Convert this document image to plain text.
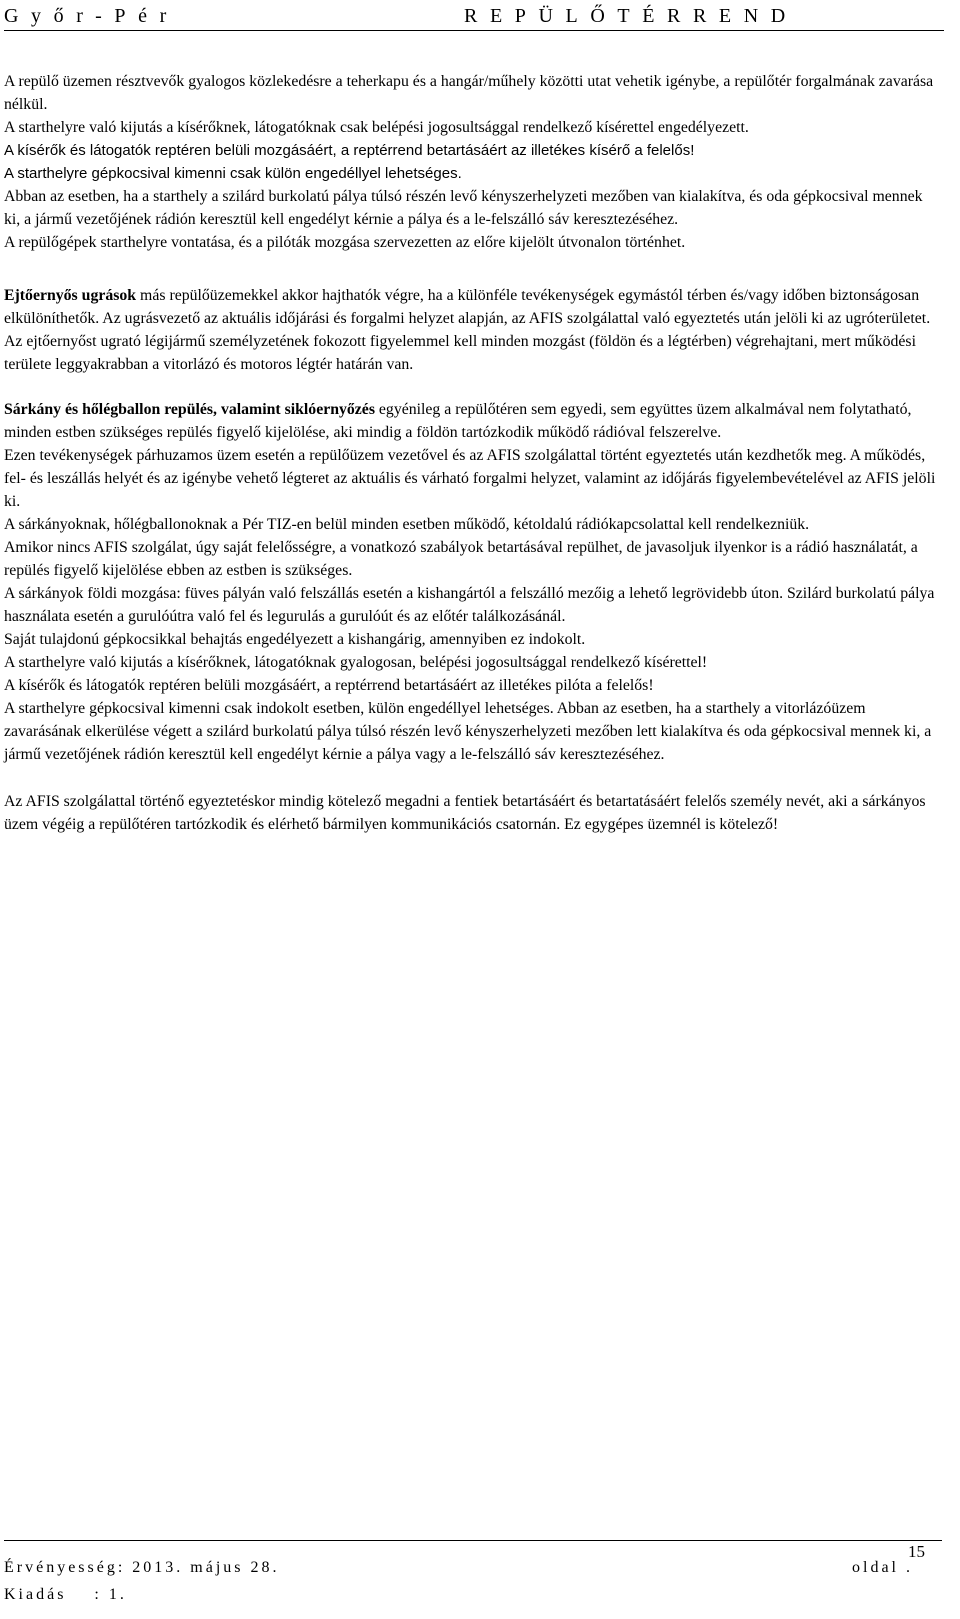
Győr-Pér	REPÜLŐTÉRREND

A repülő üzemen résztvevők gyalogos közlekedésre a teherkapu és a hangár/műhely közötti utat vehetik igénybe, a repülőtér forgalmának zavarása nélkül.

A starthelyre való kijutás a kísérőknek, látogatóknak csak belépési jogosultsággal rendelkező kísérettel engedélyezett.

A kísérők és látogatók reptéren belüli mozgásáért, a reptérrend betartásáért az illetékes kísérő a felelős!

A starthelyre gépkocsival kimenni csak külön engedéllyel lehetséges.

Abban az esetben, ha a starthely a szilárd burkolatú pálya túlsó részén levő kényszerhelyzeti mezőben van kialakítva, és oda gépkocsival mennek ki, a jármű vezetőjének rádión keresztül kell engedélyt kérnie a pálya és a le-felszálló sáv keresztezéséhez.

A repülőgépek starthelyre vontatása, és a pilóták mozgása szervezetten az előre kijelölt útvonalon történhet.

Ejtőernyős ugrások más repülőüzemekkel akkor hajthatók végre, ha a különféle tevékenységek egymástól térben és/vagy időben biztonságosan elkülöníthetők. Az ugrásvezető az aktuális időjárási és forgalmi helyzet alapján, az AFIS szolgálattal való egyeztetés után jelöli ki az ugróterületet. Az ejtőernyőst ugrató légijármű személyzetének fokozott figyelemmel kell minden mozgást (földön és a légtérben) végrehajtani, mert működési területe leggyakrabban a vitorlázó és motoros légtér határán van.

Sárkány és hőlégballon repülés, valamint siklóernyőzés egyénileg a repülőtéren sem egyedi, sem együttes üzem alkalmával nem folytatható, minden estben szükséges repülés figyelő kijelölése, aki mindig a földön tartózkodik működő rádióval felszerelve.

Ezen tevékenységek párhuzamos üzem esetén a repülőüzem vezetővel és az AFIS szolgálattal történt egyeztetés után kezdhetők meg. A működés, fel- és leszállás helyét és az igénybe vehető légteret az aktuális és várható forgalmi helyzet, valamint az időjárás figyelembevételével az AFIS jelöli ki.

A sárkányoknak, hőlégballonoknak a Pér TIZ-en belül minden esetben működő, kétoldalú rádiókapcsolattal kell rendelkezniük.

Amikor nincs AFIS szolgálat, úgy saját felelősségre, a vonatkozó szabályok betartásával repülhet, de javasoljuk ilyenkor is a rádió használatát, a repülés figyelő kijelölése ebben az estben is szükséges.

A sárkányok földi mozgása: füves pályán való felszállás esetén a kishangártól a felszálló mezőig a lehető legrövidebb úton. Szilárd burkolatú pálya használata esetén a gurulóútra való fel és legurulás a gurulóút és az előtér találkozásánál.

Saját tulajdonú gépkocsikkal behajtás engedélyezett a kishangárig, amennyiben ez indokolt.

A starthelyre való kijutás a kísérőknek, látogatóknak gyalogosan, belépési jogosultsággal rendelkező kísérettel!

A kísérők és látogatók reptéren belüli mozgásáért, a reptérrend betartásáért az illetékes pilóta a felelős!

A starthelyre gépkocsival kimenni csak indokolt esetben, külön engedéllyel lehetséges. Abban az esetben, ha a starthely a vitorlázóüzem zavarásának elkerülése végett a szilárd burkolatú pálya túlsó részén levő kényszerhelyzeti mezőben lett kialakítva és oda gépkocsival mennek ki, a jármű vezetőjének rádión keresztül kell engedélyt kérnie a pálya vagy a le-felszálló sáv keresztezéséhez.

Az AFIS szolgálattal történő egyeztetéskor mindig kötelező megadni a fentiek betartásáért és betartatásáért felelős személy nevét, aki a sárkányos üzem végéig a repülőtéren tartózkodik és elérhető bármilyen kommunikációs csatornán. Ez egygépes üzemnél is kötelező!

Érvényesség: 2013. május 28.
Kiadás    : 1.
oldal .
15
